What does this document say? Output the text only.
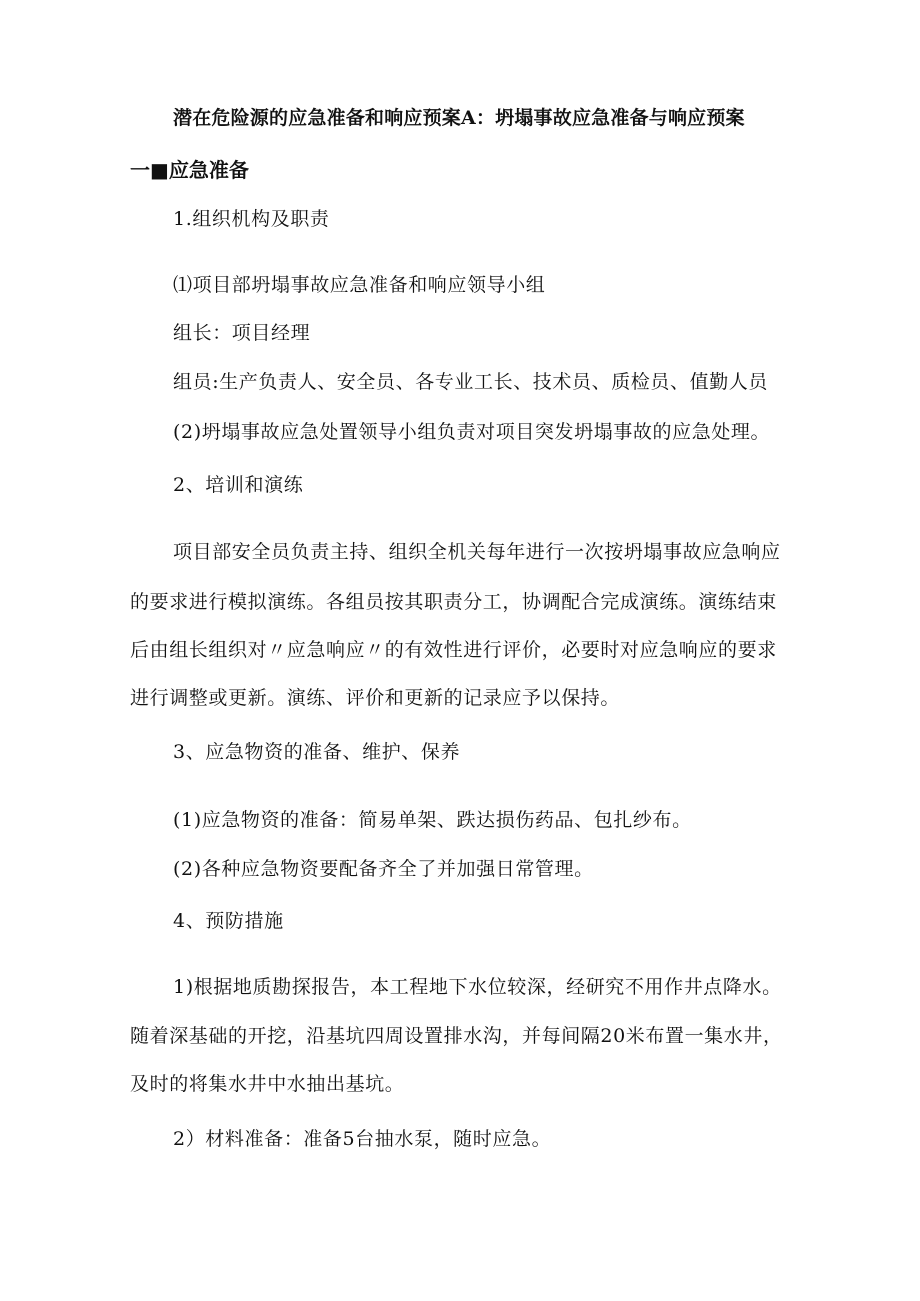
潜在危险源的应急准备和响应预案A：坍塌事故应急准备与响应预案

一■应急准备

1.组织机构及职责

⑴项目部坍塌事故应急准备和响应领导小组

组长：项目经理

组员:生产负责人、安全员、各专业工长、技术员、质检员、值勤人员

(2)坍塌事故应急处置领导小组负责对项目突发坍塌事故的应急处理。

2、培训和演练

项目部安全员负责主持、组织全机关每年进行一次按坍塌事故应急响应

的要求进行模拟演练。各组员按其职责分工，协调配合完成演练。演练结束

后由组长组织对〃应急响应〃的有效性进行评价，必要时对应急响应的要求

进行调整或更新。演练、评价和更新的记录应予以保持。

3、应急物资的准备、维护、保养

(1)应急物资的准备：简易单架、跌达损伤药品、包扎纱布。

(2)各种应急物资要配备齐全了并加强日常管理。

4、预防措施

1)根据地质勘探报告，本工程地下水位较深，经研究不用作井点降水。

随着深基础的开挖，沿基坑四周设置排水沟，并每间隔20米布置一集水井，

及时的将集水井中水抽出基坑。

2）材料准备：准备5台抽水泵，随时应急。
